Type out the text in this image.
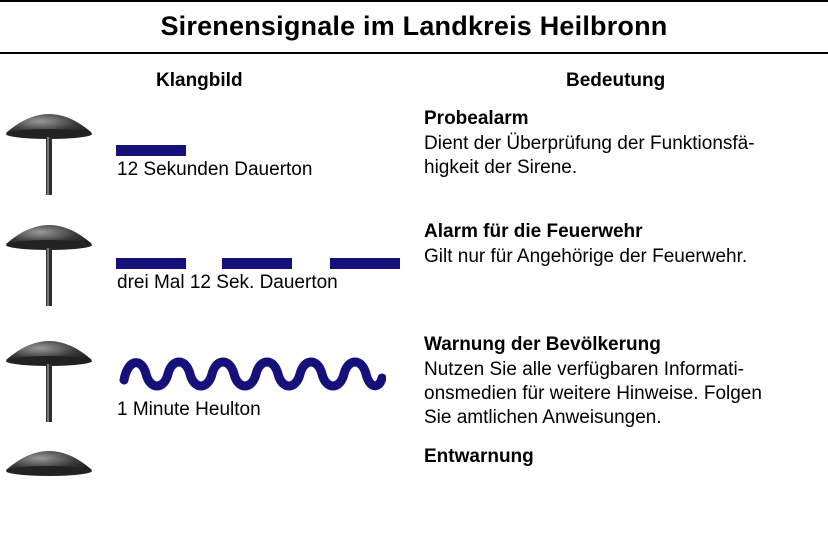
Sirenensignale im Landkreis Heilbronn
Klangbild	Bedeutung
12 Sekunden Dauerton
Probealarm
Dient der Überprüfung der Funktionsfä-
higkeit der Sirene.
drei Mal 12 Sek. Dauerton
Alarm für die Feuerwehr
Gilt nur für Angehörige der Feuerwehr.
1 Minute Heulton
Warnung der Bevölkerung
Nutzen Sie alle verfügbaren Informati-
onsmedien für weitere Hinweise. Folgen
Sie amtlichen Anweisungen.
Entwarnung
